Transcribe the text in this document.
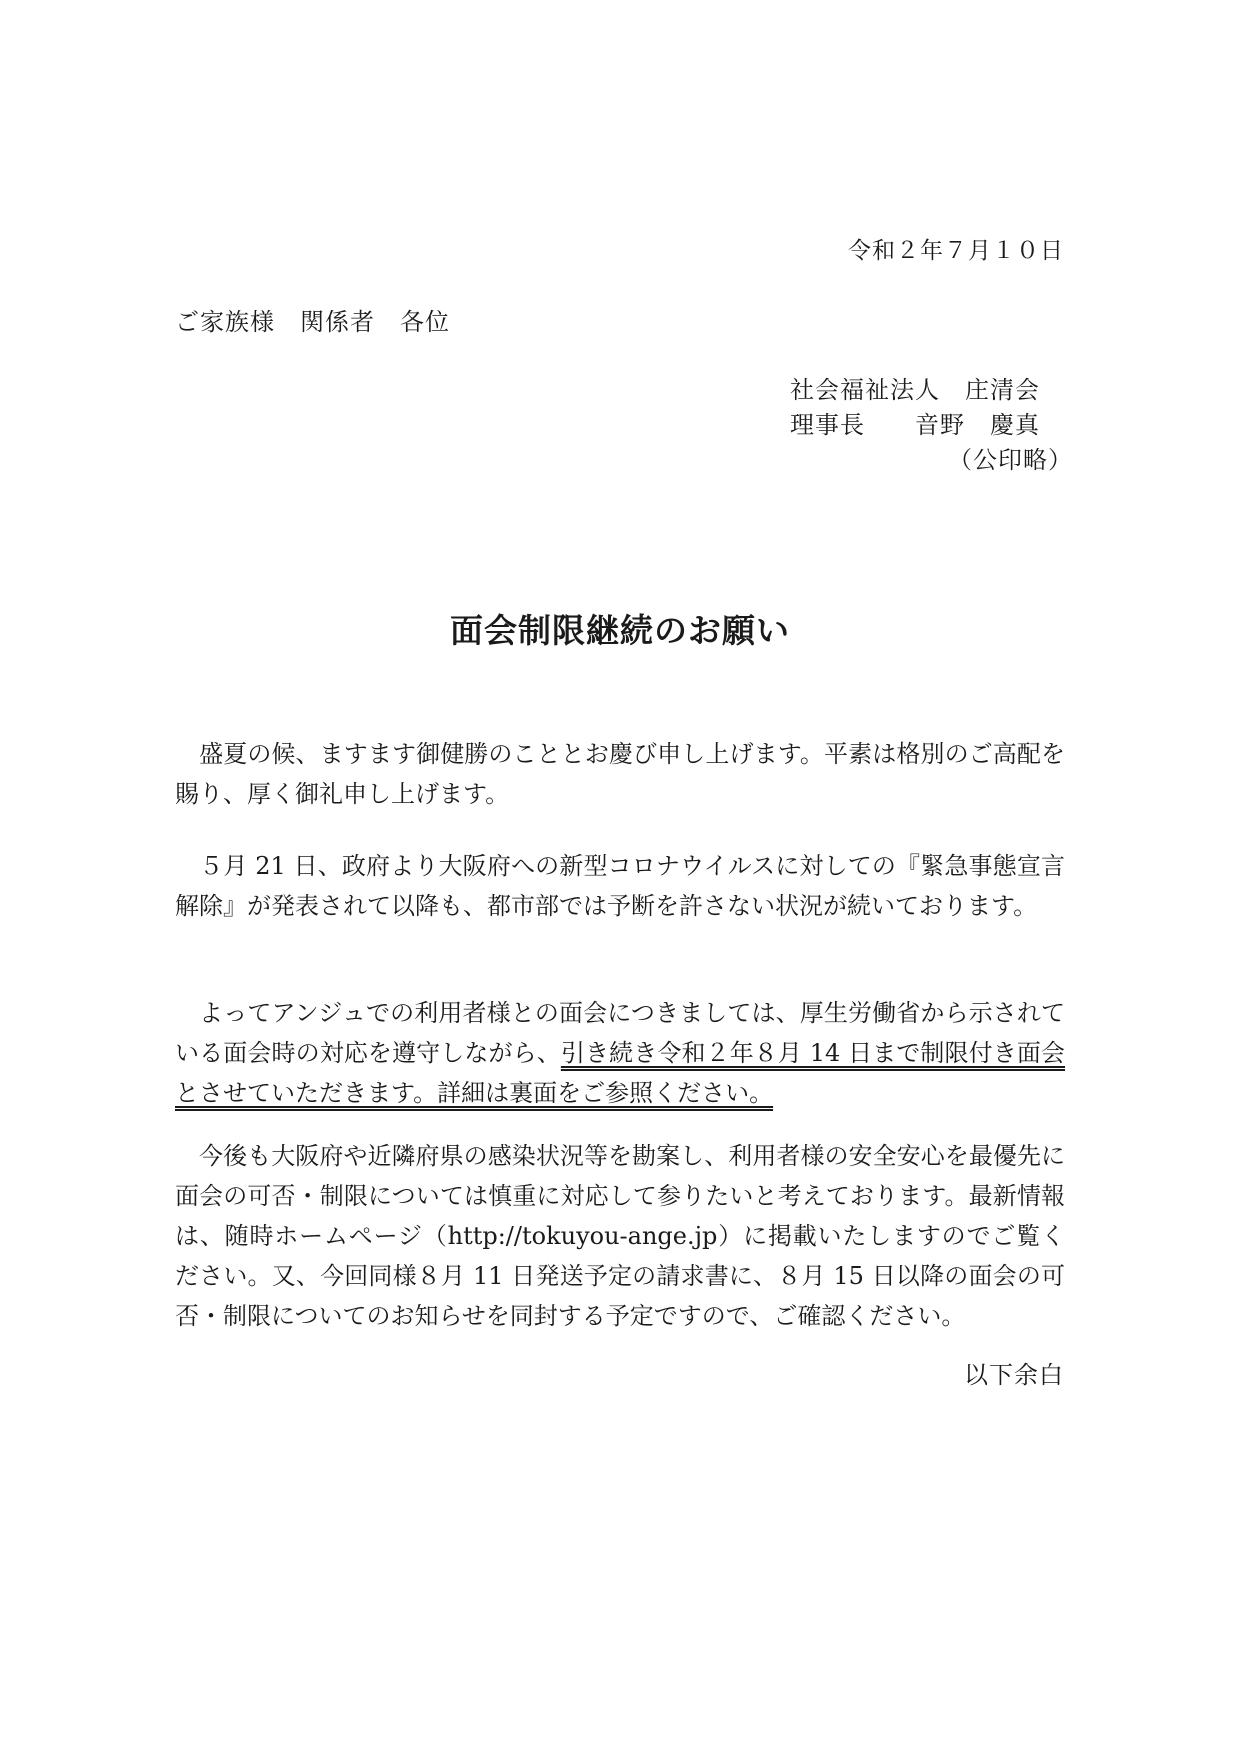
令和２年７月１０日

ご家族様　関係者　各位

社会福祉法人　庄清会
理事長　　音野　慶真
（公印略）
面会制限継続のお願い

盛夏の候、ますます御健勝のこととお慶び申し上げます。平素は格別のご高配を賜り、厚く御礼申し上げます。

５月 21 日、政府より大阪府への新型コロナウイルスに対しての『緊急事態宣言 解除』が発表されて以降も、都市部では予断を許さない状況が続いております。

よってアンジュでの利用者様との面会につきましては、厚生労働省から示されている面会時の対応を遵守しながら、引き続き令和２年８月 14 日まで制限付き面会とさせていただきます。詳細は裏面をご参照ください。

今後も大阪府や近隣府県の感染状況等を勘案し、利用者様の安全安心を最優先に面会の可否・制限については慎重に対応して参りたいと考えております。最新情報は、随時ホームページ（http://tokuyou-ange.jp）に掲載いたしますのでご覧ください。又、今回同様８月 11 日発送予定の請求書に、８月 15 日以降の面会の可否・制限についてのお知らせを同封する予定ですので、ご確認ください。

以下余白
